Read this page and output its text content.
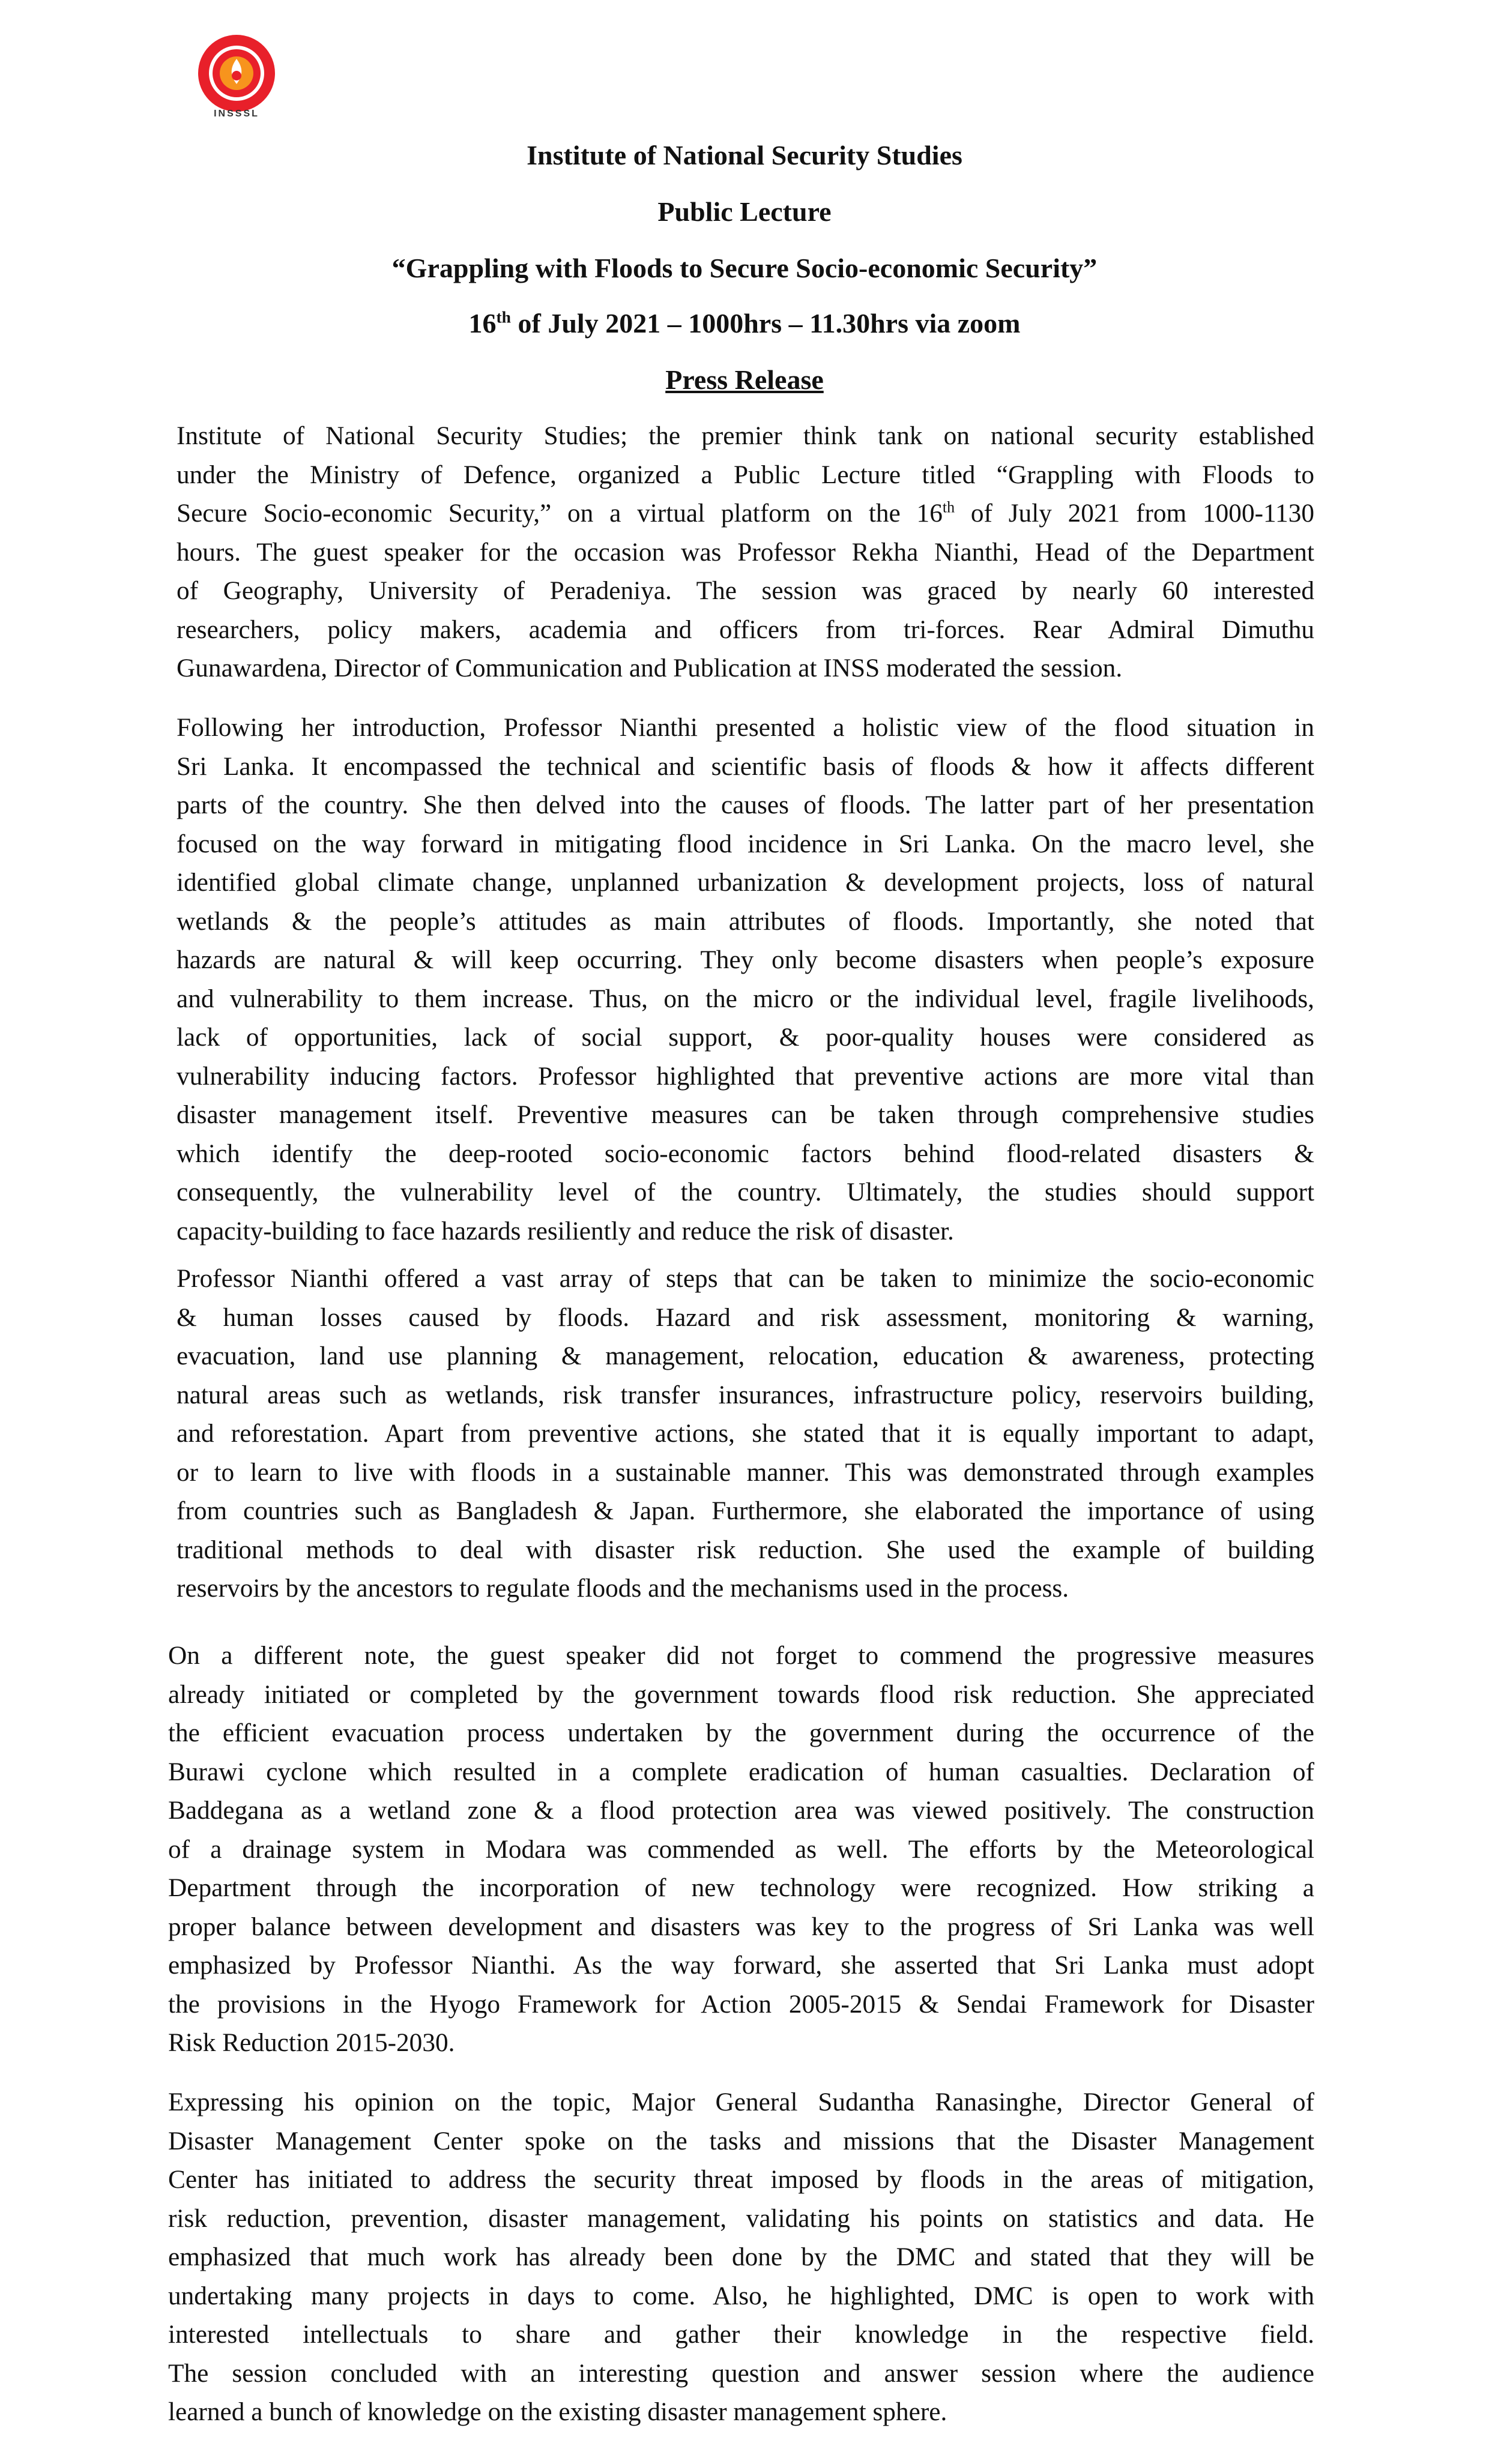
INSSSL
Institute of National Security Studies
Public Lecture
“Grappling with Floods to Secure Socio-economic Security”
16th of July 2021 – 1000hrs – 11.30hrs via zoom
Press Release

Institute of National Security Studies; the premier think tank on national security established
under the Ministry of Defence, organized a Public Lecture titled “Grappling with Floods to
Secure Socio-economic Security,” on a virtual platform on the 16th of July 2021 from 1000-1130
hours. The guest speaker for the occasion was Professor Rekha Nianthi, Head of the Department
of Geography, University of Peradeniya. The session was graced by nearly 60 interested
researchers, policy makers, academia and officers from tri-forces. Rear Admiral Dimuthu
Gunawardena, Director of Communication and Publication at INSS moderated the session.

Following her introduction, Professor Nianthi presented a holistic view of the flood situation in
Sri Lanka. It encompassed the technical and scientific basis of floods & how it affects different
parts of the country. She then delved into the causes of floods. The latter part of her presentation
focused on the way forward in mitigating flood incidence in Sri Lanka. On the macro level, she
identified global climate change, unplanned urbanization & development projects, loss of natural
wetlands & the people’s attitudes as main attributes of floods. Importantly, she noted that
hazards are natural & will keep occurring. They only become disasters when people’s exposure
and vulnerability to them increase. Thus, on the micro or the individual level, fragile livelihoods,
lack of opportunities, lack of social support, & poor-quality houses were considered as
vulnerability inducing factors. Professor highlighted that preventive actions are more vital than
disaster management itself. Preventive measures can be taken through comprehensive studies
which identify the deep-rooted socio-economic factors behind flood-related disasters &
consequently, the vulnerability level of the country. Ultimately, the studies should support
capacity-building to face hazards resiliently and reduce the risk of disaster.

Professor Nianthi offered a vast array of steps that can be taken to minimize the socio-economic
& human losses caused by floods. Hazard and risk assessment, monitoring & warning,
evacuation, land use planning & management, relocation, education & awareness, protecting
natural areas such as wetlands, risk transfer insurances, infrastructure policy, reservoirs building,
and reforestation. Apart from preventive actions, she stated that it is equally important to adapt,
or to learn to live with floods in a sustainable manner. This was demonstrated through examples
from countries such as Bangladesh & Japan. Furthermore, she elaborated the importance of using
traditional methods to deal with disaster risk reduction. She used the example of building
reservoirs by the ancestors to regulate floods and the mechanisms used in the process.

On a different note, the guest speaker did not forget to commend the progressive measures
already initiated or completed by the government towards flood risk reduction. She appreciated
the efficient evacuation process undertaken by the government during the occurrence of the
Burawi cyclone which resulted in a complete eradication of human casualties. Declaration of
Baddegana as a wetland zone & a flood protection area was viewed positively. The construction
of a drainage system in Modara was commended as well. The efforts by the Meteorological
Department through the incorporation of new technology were recognized. How striking a
proper balance between development and disasters was key to the progress of Sri Lanka was well
emphasized by Professor Nianthi. As the way forward, she asserted that Sri Lanka must adopt
the provisions in the Hyogo Framework for Action 2005-2015 & Sendai Framework for Disaster
Risk Reduction 2015-2030.

Expressing his opinion on the topic, Major General Sudantha Ranasinghe, Director General of
Disaster Management Center spoke on the tasks and missions that the Disaster Management
Center has initiated to address the security threat imposed by floods in the areas of mitigation,
risk reduction, prevention, disaster management, validating his points on statistics and data. He
emphasized that much work has already been done by the DMC and stated that they will be
undertaking many projects in days to come. Also, he highlighted, DMC is open to work with
interested intellectuals to share and gather their knowledge in the respective field.
The session concluded with an interesting question and answer session where the audience
learned a bunch of knowledge on the existing disaster management sphere.
